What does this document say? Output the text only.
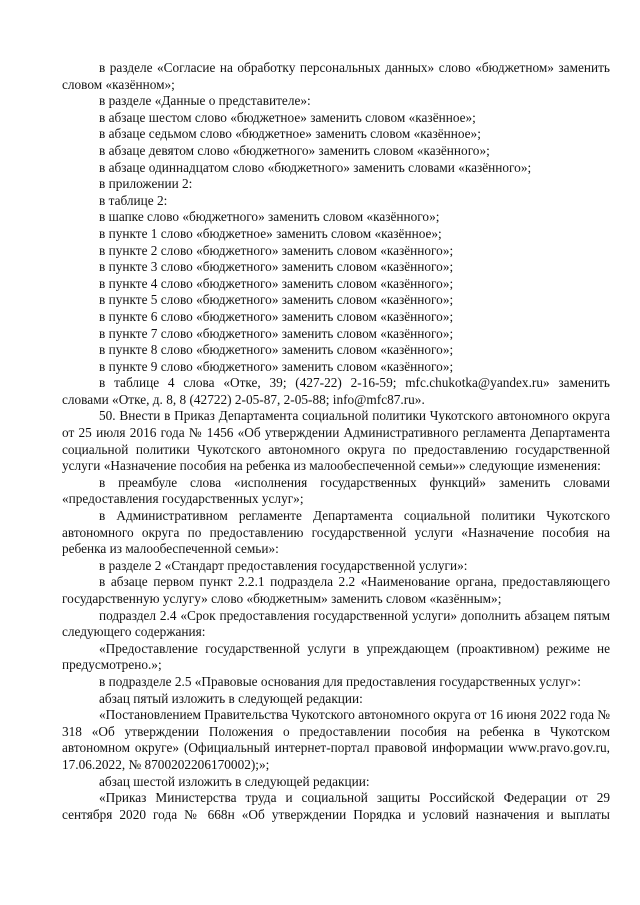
в разделе «Согласие на обработку персональных данных» слово «бюджетном» заменить словом «казённом»;

в разделе «Данные о представителе»:

в абзаце шестом слово «бюджетное» заменить словом «казённое»;

в абзаце седьмом слово «бюджетное» заменить словом «казённое»;

в абзаце девятом слово «бюджетного» заменить словом «казённого»;

в абзаце одиннадцатом слово «бюджетного» заменить словами «казённого»;

в приложении 2:

в таблице 2:

в шапке слово «бюджетного» заменить словом «казённого»;

в пункте 1 слово «бюджетное» заменить словом «казённое»;

в пункте 2 слово «бюджетного» заменить словом «казённого»;

в пункте 3 слово «бюджетного» заменить словом «казённого»;

в пункте 4 слово «бюджетного» заменить словом «казённого»;

в пункте 5 слово «бюджетного» заменить словом «казённого»;

в пункте 6 слово «бюджетного» заменить словом «казённого»;

в пункте 7 слово «бюджетного» заменить словом «казённого»;

в пункте 8 слово «бюджетного» заменить словом «казённого»;

в пункте 9 слово «бюджетного» заменить словом «казённого»;

в таблице 4 слова «Отке, 39; (427-22) 2-16-59; mfc.chukotka@yandex.ru» заменить словами «Отке, д. 8, 8 (42722) 2-05-87, 2-05-88; info@mfc87.ru».

50. Внести в Приказ Департамента социальной политики Чукотского автономного округа от 25 июля 2016 года № 1456 «Об утверждении Административного регламента Департамента социальной политики Чукотского автономного округа по предоставлению государственной услуги «Назначение пособия на ребенка из малообеспеченной семьи»» следующие изменения:

в преамбуле слова «исполнения государственных функций» заменить словами «предоставления государственных услуг»;

в Административном регламенте Департамента социальной политики Чукотского автономного округа по предоставлению государственной услуги «Назначение пособия на ребенка из малообеспеченной семьи»:

в разделе 2 «Стандарт предоставления государственной услуги»:

в абзаце первом пункт 2.2.1 подраздела 2.2 «Наименование органа, предоставляющего государственную услугу» слово «бюджетным» заменить словом «казённым»;

подраздел 2.4 «Срок предоставления государственной услуги» дополнить абзацем пятым следующего содержания:

«Предоставление государственной услуги в упреждающем (проактивном) режиме не предусмотрено.»;

в подразделе 2.5 «Правовые основания для предоставления государственных услуг»:

абзац пятый изложить в следующей редакции:

«Постановлением Правительства Чукотского автономного округа от 16 июня 2022 года № 318 «Об утверждении Положения о предоставлении пособия на ребенка в Чукотском автономном округе» (Официальный интернет-портал правовой информации www.pravo.gov.ru, 17.06.2022, № 8700202206170002);»;

абзац шестой изложить в следующей редакции:

«Приказ Министерства труда и социальной защиты Российской Федерации от 29 сентября 2020 года № 668н «Об утверждении Порядка и условий назначения и выплаты
